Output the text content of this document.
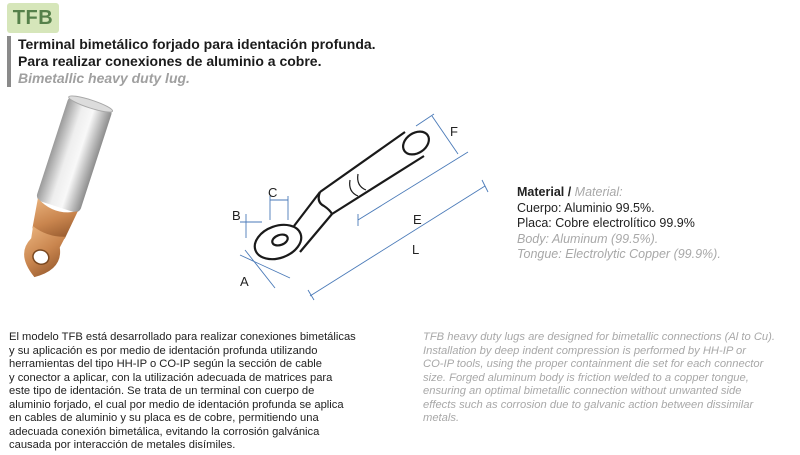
TFB
Terminal bimetálico forjado para identación profunda.
Para realizar conexiones de aluminio a cobre.
Bimetallic heavy duty lug.
A
B
C
E
F
L
Material / Material:
Cuerpo: Aluminio 99.5%.
Placa: Cobre electrolítico 99.9%
Body: Aluminum (99.5%).
Tongue: Electrolytic Copper (99.9%).

El modelo TFB está desarrollado para realizar conexiones bimetálicas

y su aplicación es por medio de identación profunda utilizando

herramientas del tipo HH-IP o CO-IP según la sección de cable

y conector a aplicar, con la utilización adecuada de matrices para

este tipo de identación. Se trata de un terminal con cuerpo de

aluminio forjado, el cual por medio de identación profunda se aplica

en cables de aluminio y su placa es de cobre, permitiendo una

adecuada conexión bimetálica, evitando la corrosión galvánica

causada por interacción de metales disímiles.

TFB heavy duty lugs are designed for bimetallic connections (Al to Cu).

Installation by deep indent compression is performed by HH-IP or

CO-IP tools, using the proper containment die set for each connector

size. Forged aluminum body is friction welded to a copper tongue,

ensuring an optimal bimetallic connection without unwanted side

effects such as corrosion due to galvanic action between dissimilar

metals.
